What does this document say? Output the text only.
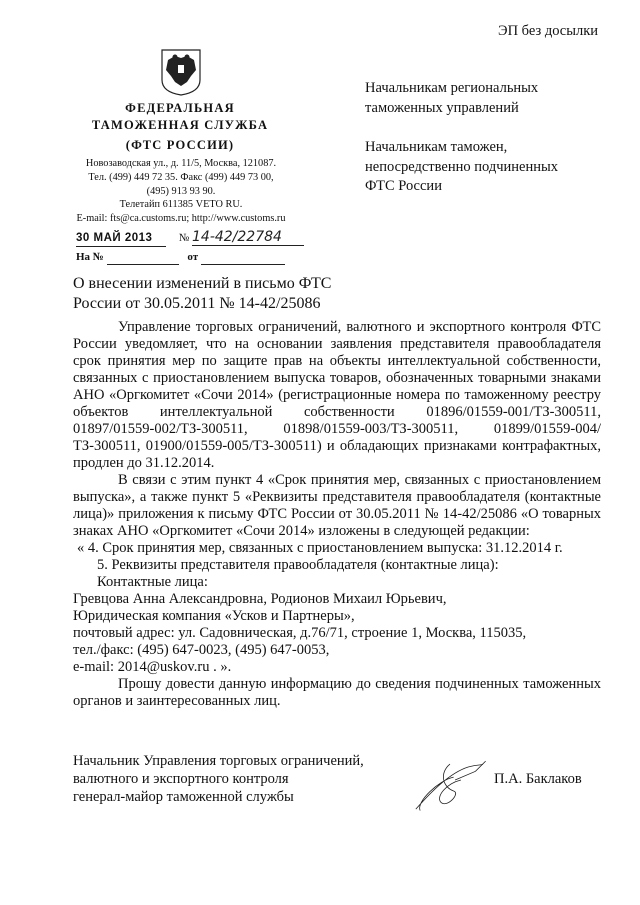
ЭП без досылки
Начальникам региональных
таможенных управлений
Начальникам таможен,
непосредственно подчиненных
ФТС России
ФЕДЕРАЛЬНАЯ
ТАМОЖЕННАЯ СЛУЖБА
(ФТС РОССИИ)
Новозаводская ул., д. 11/5, Москва, 121087.
Тел. (499) 449 72 35. Факс (499) 449 73 00,
(495) 913 93 90.
Телетайп 611385 VETO RU.
E-mail: fts@ca.customs.ru; http://www.customs.ru
30 МАЙ 2013 № 14-42/22784
На №	от
О внесении изменений в письмо ФТС
России от 30.05.2011 № 14-42/25086

Управление торговых ограничений, валютного и экспортного контроля ФТС России уведомляет, что на основании заявления представителя правообладателя срок принятия мер по защите прав на объекты интеллектуальной собственности, связанных с приостановлением выпуска товаров, обозначенных товарными знаками АНО «Оргкомитет «Сочи 2014» (регистрационные номера по таможенному реестру объектов интеллектуальной собственности 01896/01559-001/ТЗ-300511, 01897/01559-002/ТЗ-300511, 01898/01559-003/ТЗ-300511, 01899/01559-004/ТЗ-300511, 01900/01559-005/ТЗ-300511) и обладающих признаками контрафактных, продлен до 31.12.2014.

В связи с этим пункт 4 «Срок принятия мер, связанных с приостановлением выпуска», а также пункт 5 «Реквизиты представителя правообладателя (контактные лица)» приложения к письму ФТС России от 30.05.2011 № 14-42/25086 «О товарных знаках АНО «Оргкомитет «Сочи 2014» изложены в следующей редакции:

« 4. Срок принятия мер, связанных с приостановлением выпуска: 31.12.2014 г.
5. Реквизиты представителя правообладателя (контактные лица):
Контактные лица:
Гревцова Анна Александровна, Родионов Михаил Юрьевич,
Юридическая компания «Усков и Партнеры»,
почтовый адрес: ул. Садовническая, д.76/71, строение 1, Москва, 115035,
тел./факс: (495) 647-0023, (495) 647-0053,
e-mail: 2014@uskov.ru . ».

Прошу довести данную информацию до сведения подчиненных таможенных органов и заинтересованных лиц.

Начальник Управления торговых ограничений,
валютного и экспортного контроля
генерал-майор таможенной службы
П.А. Баклаков
